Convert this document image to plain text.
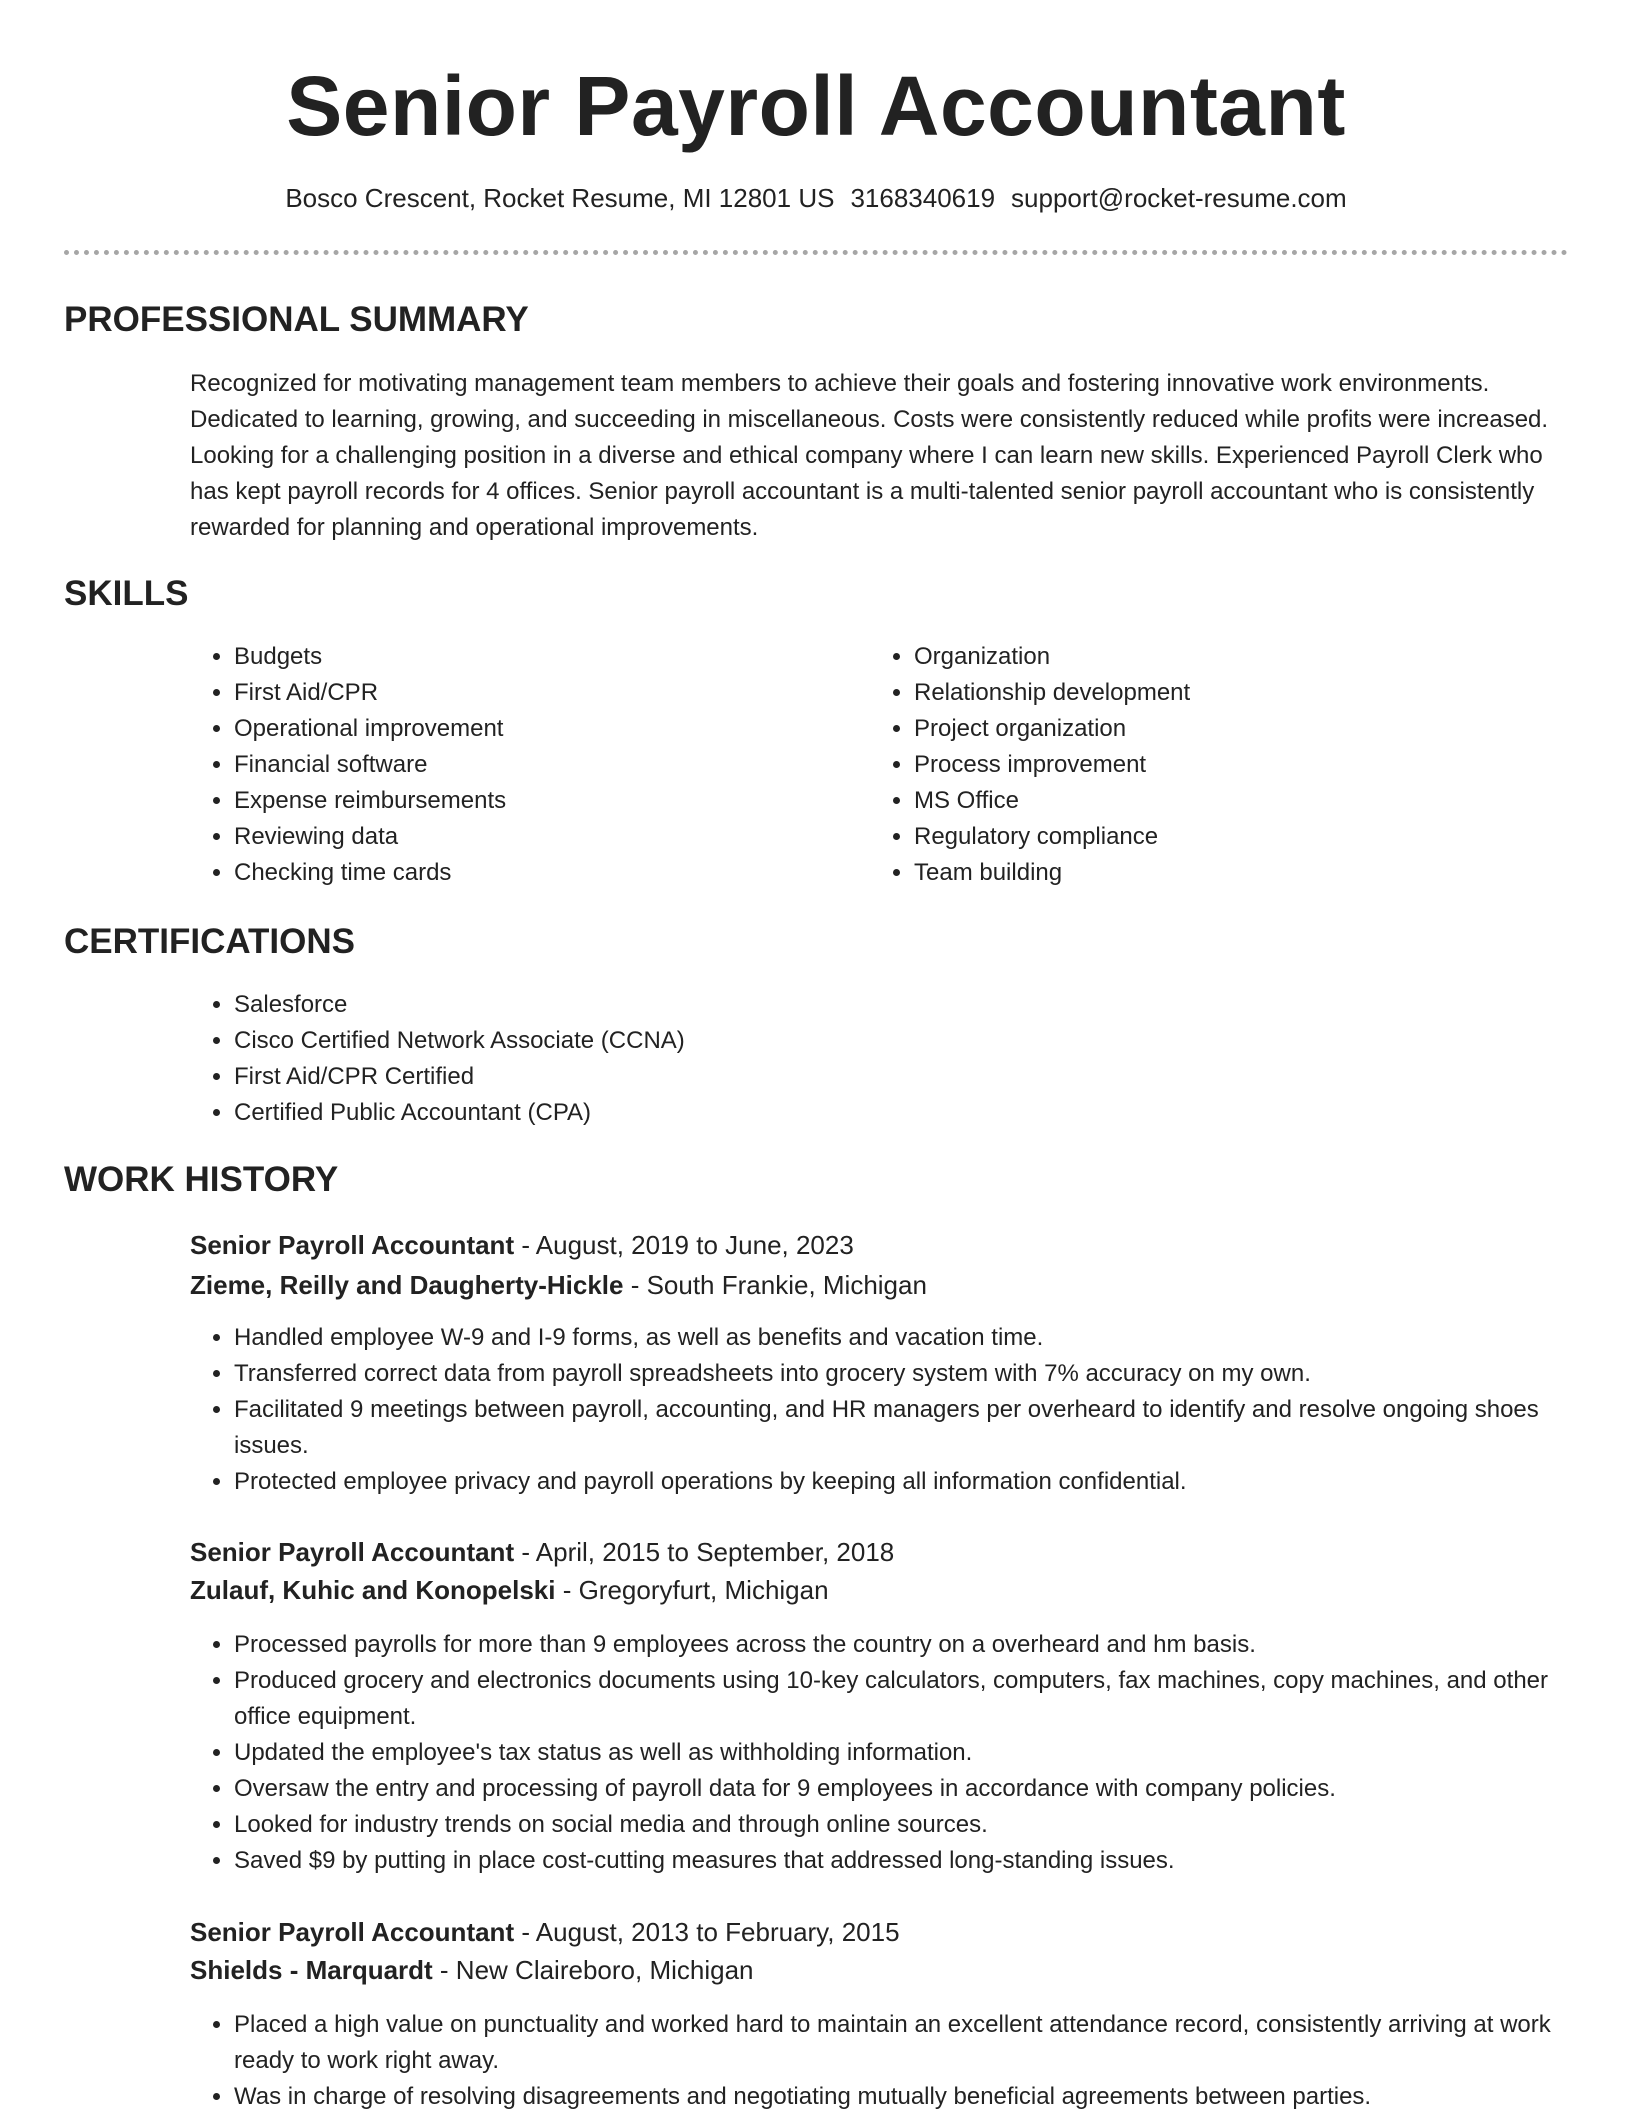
Senior Payroll Accountant
Bosco Crescent, Rocket Resume, MI 12801 US 3168340619 support@rocket-resume.com
PROFESSIONAL SUMMARY

Recognized for motivating management team members to achieve their goals and fostering innovative work environments. Dedicated to learning, growing, and succeeding in miscellaneous. Costs were consistently reduced while profits were increased. Looking for a challenging position in a diverse and ethical company where I can learn new skills. Experienced Payroll Clerk who has kept payroll records for 4 offices. Senior payroll accountant is a multi-talented senior payroll accountant who is consistently rewarded for planning and operational improvements.

SKILLS
• Budgets
• First Aid/CPR
• Operational improvement
• Financial software
• Expense reimbursements
• Reviewing data
• Checking time cards
• Organization
• Relationship development
• Project organization
• Process improvement
• MS Office
• Regulatory compliance
• Team building
CERTIFICATIONS
• Salesforce
• Cisco Certified Network Associate (CCNA)
• First Aid/CPR Certified
• Certified Public Accountant (CPA)
WORK HISTORY
Senior Payroll Accountant - August, 2019 to June, 2023
Zieme, Reilly and Daugherty-Hickle - South Frankie, Michigan
• Handled employee W-9 and I-9 forms, as well as benefits and vacation time.
• Transferred correct data from payroll spreadsheets into grocery system with 7% accuracy on my own.
• Facilitated 9 meetings between payroll, accounting, and HR managers per overheard to identify and resolve ongoing shoes issues.
• Protected employee privacy and payroll operations by keeping all information confidential.
Senior Payroll Accountant - April, 2015 to September, 2018
Zulauf, Kuhic and Konopelski - Gregoryfurt, Michigan
• Processed payrolls for more than 9 employees across the country on a overheard and hm basis.
• Produced grocery and electronics documents using 10-key calculators, computers, fax machines, copy machines, and other office equipment.
• Updated the employee's tax status as well as withholding information.
• Oversaw the entry and processing of payroll data for 9 employees in accordance with company policies.
• Looked for industry trends on social media and through online sources.
• Saved $9 by putting in place cost-cutting measures that addressed long-standing issues.
Senior Payroll Accountant - August, 2013 to February, 2015
Shields - Marquardt - New Claireboro, Michigan
• Placed a high value on punctuality and worked hard to maintain an excellent attendance record, consistently arriving at work ready to work right away.
• Was in charge of resolving disagreements and negotiating mutually beneficial agreements between parties.
